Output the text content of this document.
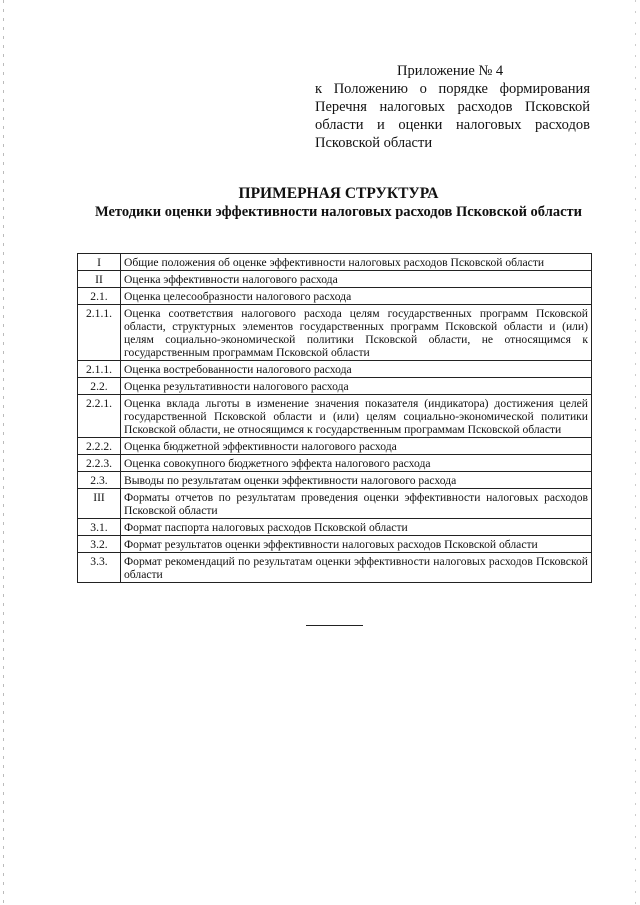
Приложение № 4
к Положению о порядке формирования Перечня налоговых расходов Псковской области и оценки налоговых расходов Псковской области
ПРИМЕРНАЯ СТРУКТУРА
Методики оценки эффективности налоговых расходов Псковской области
I	Общие положения об оценке эффективности налоговых расходов Псковской области
II	Оценка эффективности налогового расхода
2.1.	Оценка целесообразности налогового расхода
2.1.1.	Оценка соответствия налогового расхода целям государственных программ Псковской области, структурных элементов государственных программ Псковской области и (или) целям социально-экономической политики Псковской области, не относящимся к государственным программам Псковской области
2.1.1.	Оценка востребованности налогового расхода
2.2.	Оценка результативности налогового расхода
2.2.1.	Оценка вклада льготы в изменение значения показателя (индикатора) достижения целей государственной Псковской области и (или) целям социально-экономической политики Псковской области, не относящимся к государственным программам Псковской области
2.2.2.	Оценка бюджетной эффективности налогового расхода
2.2.3.	Оценка совокупного бюджетного эффекта налогового расхода
2.3.	Выводы по результатам оценки эффективности налогового расхода
III	Форматы отчетов по результатам проведения оценки эффективности налоговых расходов Псковской области
3.1.	Формат паспорта налоговых расходов Псковской области
3.2.	Формат результатов оценки эффективности налоговых расходов Псковской области
3.3.	Формат рекомендаций по результатам оценки эффективности налоговых расходов Псковской области
